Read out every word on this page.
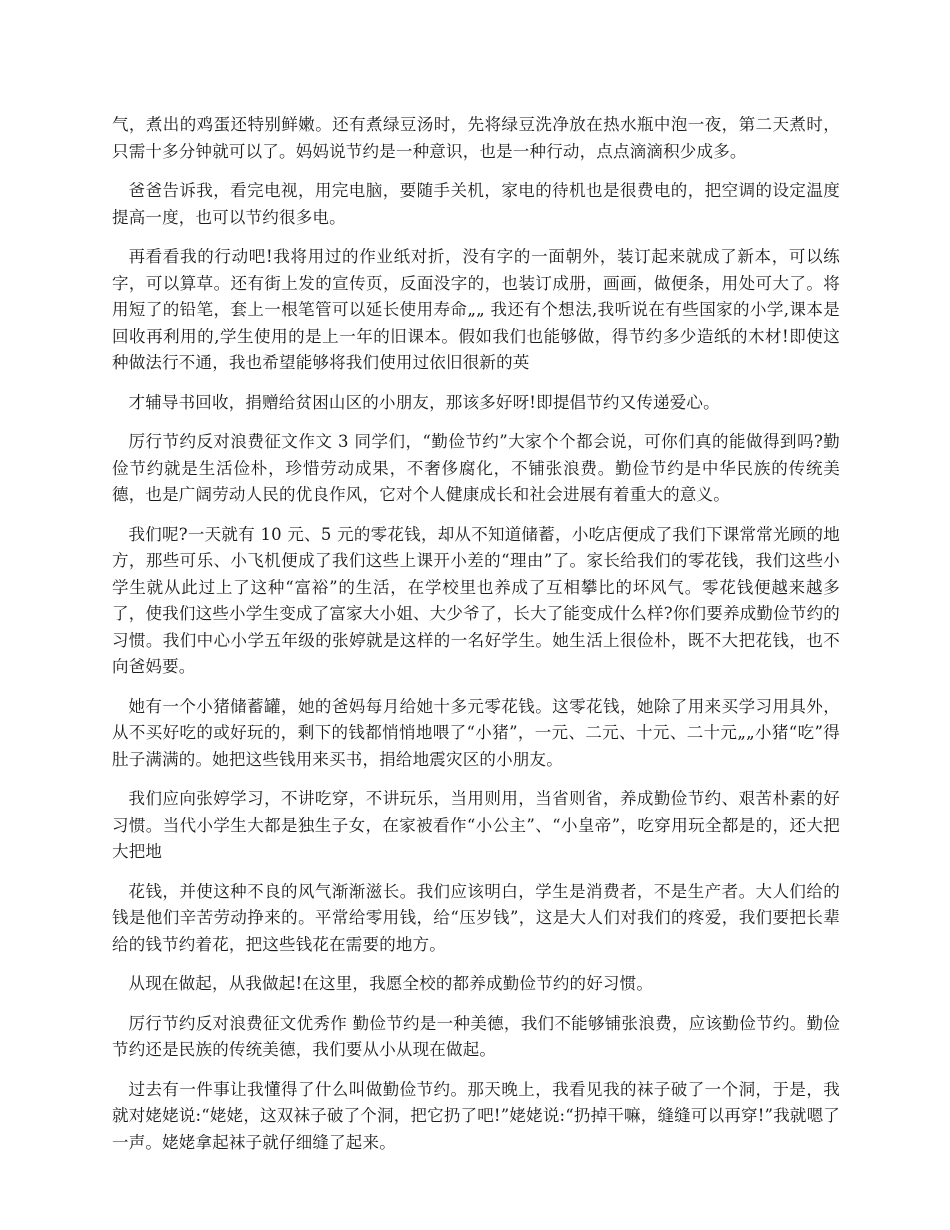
气，煮出的鸡蛋还特别鲜嫩。还有煮绿豆汤时，先将绿豆洗净放在热水瓶中泡一夜，第二天煮时，只需十多分钟就可以了。妈妈说节约是一种意识，也是一种行动，点点滴滴积少成多。

爸爸告诉我，看完电视，用完电脑，要随手关机，家电的待机也是很费电的，把空调的设定温度提高一度，也可以节约很多电。

再看看我的行动吧!我将用过的作业纸对折，没有字的一面朝外，装订起来就成了新本，可以练字，可以算草。还有街上发的宣传页，反面没字的，也装订成册，画画，做便条，用处可大了。将用短了的铅笔，套上一根笔管可以延长使用寿命„„ 我还有个想法,我听说在有些国家的小学,课本是回收再利用的,学生使用的是上一年的旧课本。假如我们也能够做，得节约多少造纸的木材!即使这种做法行不通，我也希望能够将我们使用过依旧很新的英

才辅导书回收，捐赠给贫困山区的小朋友，那该多好呀!即提倡节约又传递爱心。

厉行节约反对浪费征文作文 3 同学们，“勤俭节约”大家个个都会说，可你们真的能做得到吗?勤俭节约就是生活俭朴，珍惜劳动成果，不奢侈腐化，不铺张浪费。勤俭节约是中华民族的传统美德，也是广阔劳动人民的优良作风，它对个人健康成长和社会进展有着重大的意义。

我们呢?一天就有 10 元、5 元的零花钱，却从不知道储蓄，小吃店便成了我们下课常常光顾的地方，那些可乐、小飞机便成了我们这些上课开小差的“理由”了。家长给我们的零花钱，我们这些小学生就从此过上了这种“富裕”的生活，在学校里也养成了互相攀比的坏风气。零花钱便越来越多了，使我们这些小学生变成了富家大小姐、大少爷了，长大了能变成什么样?你们要养成勤俭节约的习惯。我们中心小学五年级的张婷就是这样的一名好学生。她生活上很俭朴，既不大把花钱，也不向爸妈要。

她有一个小猪储蓄罐，她的爸妈每月给她十多元零花钱。这零花钱，她除了用来买学习用具外，从不买好吃的或好玩的，剩下的钱都悄悄地喂了“小猪”，一元、二元、十元、二十元„„小猪“吃”得肚子满满的。她把这些钱用来买书，捐给地震灾区的小朋友。

我们应向张婷学习，不讲吃穿，不讲玩乐，当用则用，当省则省，养成勤俭节约、艰苦朴素的好习惯。当代小学生大都是独生子女，在家被看作“小公主”、“小皇帝”，吃穿用玩全都是的，还大把大把地

花钱，并使这种不良的风气渐渐滋长。我们应该明白，学生是消费者，不是生产者。大人们给的钱是他们辛苦劳动挣来的。平常给零用钱，给“压岁钱”，这是大人们对我们的疼爱，我们要把长辈给的钱节约着花，把这些钱花在需要的地方。

从现在做起，从我做起!在这里，我愿全校的都养成勤俭节约的好习惯。

厉行节约反对浪费征文优秀作 勤俭节约是一种美德，我们不能够铺张浪费，应该勤俭节约。勤俭节约还是民族的传统美德，我们要从小从现在做起。

过去有一件事让我懂得了什么叫做勤俭节约。那天晚上，我看见我的袜子破了一个洞，于是，我就对姥姥说:“姥姥，这双袜子破了个洞，把它扔了吧!”姥姥说:“扔掉干嘛，缝缝可以再穿!”我就嗯了一声。姥姥拿起袜子就仔细缝了起来。
